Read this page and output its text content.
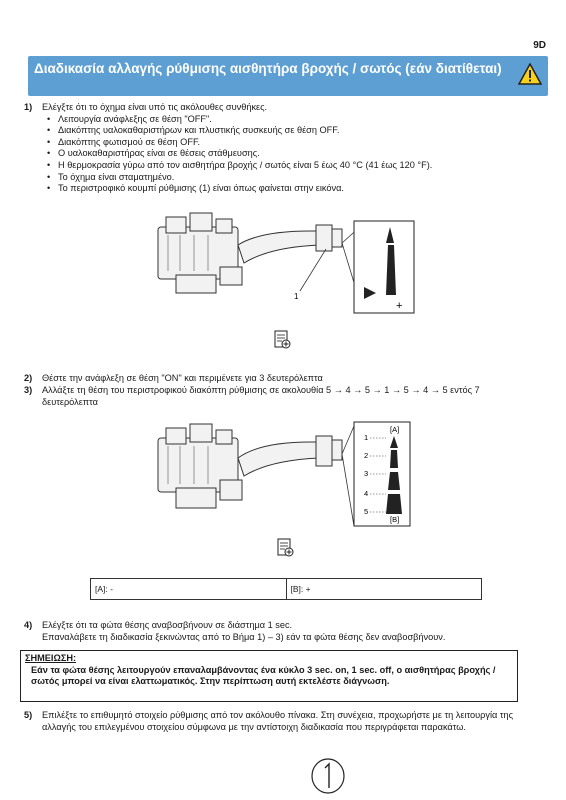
9D
Διαδικασία αλλαγής ρύθμισης αισθητήρα βροχής / σωτός (εάν διατίθεται)
1) Ελέγξτε ότι το όχημα είναι υπό τις ακόλουθες συνθήκες.
• Λειτουργία ανάφλεξης σε θέση "OFF".
• Διακόπτης υαλοκαθαριστήρων και πλυστικής συσκευής σε θέση OFF.
• Διακόπτης φωτισμού σε θέση OFF.
• Ο υαλοκαθαριστήρας είναι σε θέσεις στάθμευσης.
• Η θερμοκρασία γύρω από τον αισθητήρα βροχής / σωτός είναι 5 έως 40 °C (41 έως 120 °F).
• Το όχημα είναι σταματημένο.
• Το περιστροφικό κουμπί ρύθμισης (1) είναι όπως φαίνεται στην εικόνα.
1
+
2) Θέστε την ανάφλεξη σε θέση "ON" και περιμένετε για 3 δευτερόλεπτα
3) Αλλάξτε τη θέση του περιστροφικού διακόπτη ρύθμισης σε ακολουθία 5 → 4 → 5 → 1 → 5 → 4 → 5 εντός 7 δευτερόλεπτα
[A]
[B]
1
2
3
4
5
[A]: -	[B]: +
4) Ελέγξτε ότι τα φώτα θέσης αναβοσβήνουν σε διάστημα 1 sec.
Επαναλάβετε τη διαδικασία ξεκινώντας από το Βήμα 1) – 3) εάν τα φώτα θέσης δεν αναβοσβήνουν.
ΣΗΜΕΙΩΣΗ:
Εάν τα φώτα θέσης λειτουργούν επαναλαμβάνοντας ένα κύκλο 3 sec. on, 1 sec. off, ο αισθητήρας βροχής / σωτός μπορεί να είναι ελαττωματικός. Στην περίπτωση αυτή εκτελέστε διάγνωση.
5) Επιλέξτε το επιθυμητό στοιχείο ρύθμισης από τον ακόλουθο πίνακα. Στη συνέχεια, προχωρήστε με τη λειτουργία της αλλαγής του επιλεγμένου στοιχείου σύμφωνα με την αντίστοιχη διαδικασία που περιγράφεται παρακάτω.
